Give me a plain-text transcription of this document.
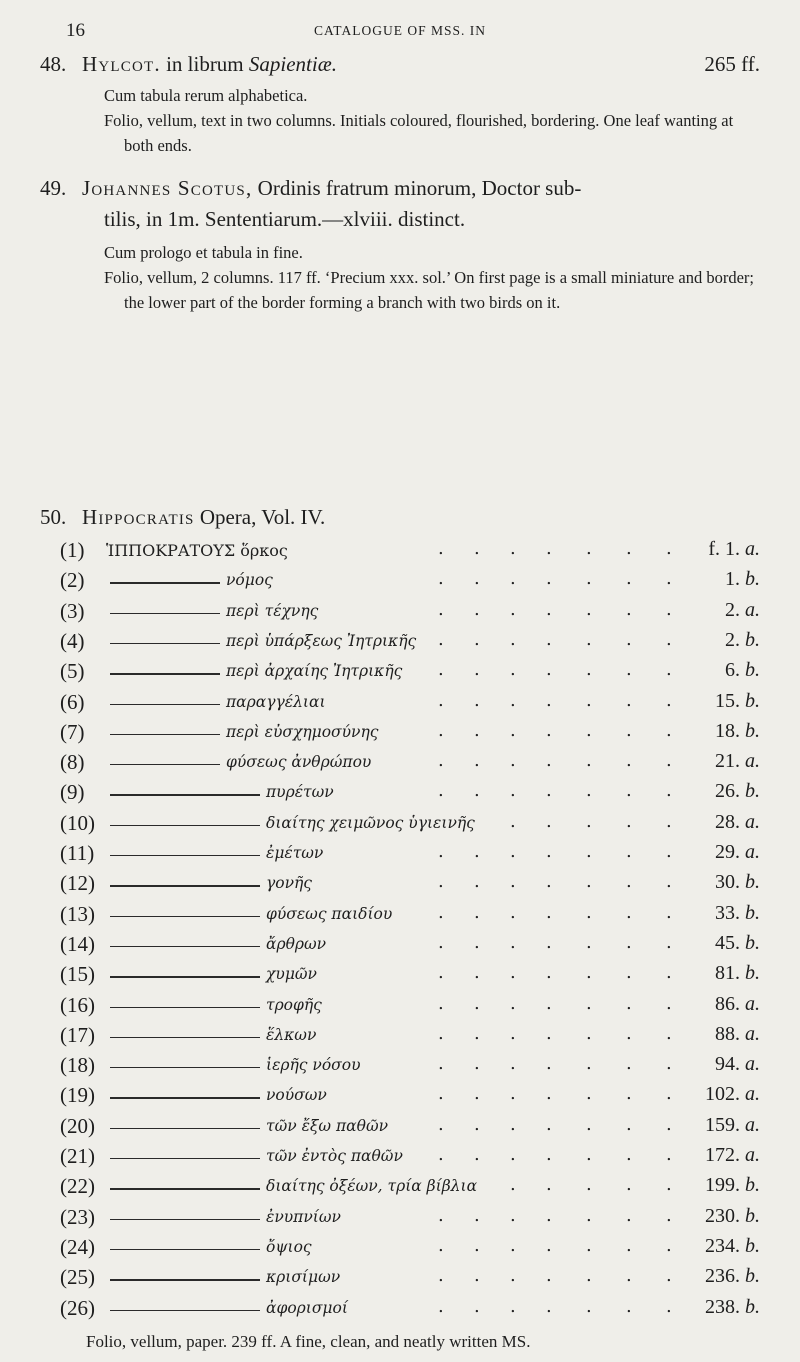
16	CATALOGUE OF MSS. IN
48. Hylcot. in librum Sapientiæ.	265 ff.
Cum tabula rerum alphabetica.
Folio, vellum, text in two columns. Initials coloured, flourished, bordering. One leaf wanting at both ends.
49. Johannes Scotus, Ordinis fratrum minorum, Doctor sub-
tilis, in 1m. Sententiarum.—xlviii. distinct.
Cum prologo et tabula in fine.
Folio, vellum, 2 columns. 117 ff. ‘Precium xxx. sol.’ On first page is a small miniature and border; the lower part of the border forming a branch with two birds on it.
50. Hippocratis Opera, Vol. IV.
(1) ἹΠΠΟΚΡΑΤΟΥΣ ὅρκος	. . . . . . . f. 1. a.
(2)	νόμος	. . . . . . .	1. b.
(3)	περὶ τέχνης	. . . . . . .	2. a.
(4)	περὶ ὑπάρξεως Ἰητρικῆς . . . . . . .	2. b.
(5)	περὶ ἀρχαίης Ἰητρικῆς . . . . . . .	6. b.
(6)	παραγγέλιαι	. . . . . . . 15. b.
(7)	περὶ εὐσχημοσύνης	. . . . . . . 18. b.
(8)	φύσεως ἀνθρώπου	. . . . . . . 21. a.
(9)	πυρέτων	. . . . . . . 26. b.
(10)	διαίτης χειμῶνος ὑγιεινῆς . . . . . 28. a.
(11)	ἐμέτων	. . . . . . . 29. a.
(12)	γονῆς	. . . . . . . 30. b.
(13)	φύσεως παιδίου	. . . . . . . 33. b.
(14)	ἄρθρων	. . . . . . . 45. b.
(15)	χυμῶν	. . . . . . . 81. b.
(16)	τροφῆς	. . . . . . . 86. a.
(17)	ἕλκων	. . . . . . . 88. a.
(18)	ἱερῆς νόσου	. . . . . . . 94. a.
(19)	νούσων	. . . . . . . 102. a.
(20)	τῶν ἔξω παθῶν	. . . . . . . 159. a.
(21)	τῶν ἐντὸς παθῶν . . . . . . . 172. a.
(22)	διαίτης ὀξέων, τρία βίβλια . . . . . 199. b.
(23)	ἐνυπνίων	. . . . . . . 230. b.
(24)	ὄψιος	. . . . . . . 234. b.
(25)	κρισίμων	. . . . . . . 236. b.
(26)	ἀφορισμοί	. . . . . . . 238. b.
Folio, vellum, paper. 239 ff. A fine, clean, and neatly written MS.
